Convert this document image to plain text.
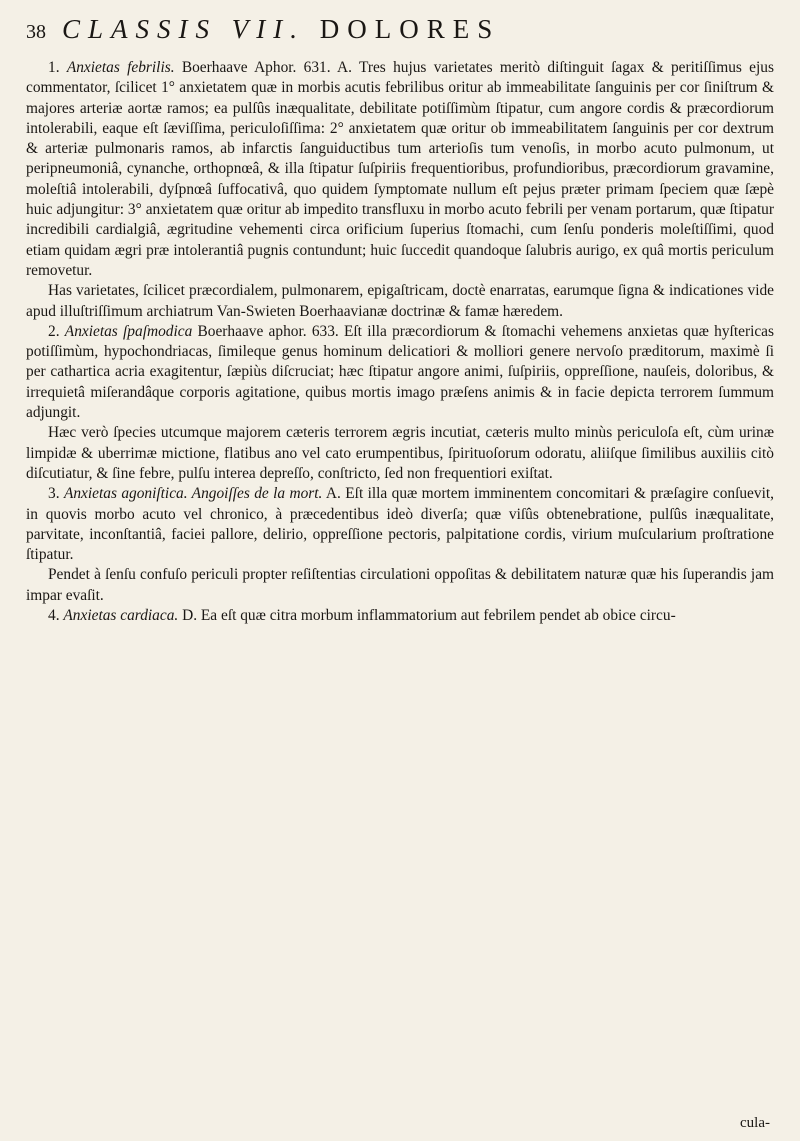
38 CLASSIS VII. DOLORES

1. Anxietas febrilis. Boerhaave Aphor. 631. A. Tres hujus varietates meritò diſtinguit ſagax & peritiſſimus ejus commentator, ſcilicet 1° anxietatem quæ in morbis acutis febrilibus oritur ab immeabilitate ſanguinis per cor ſiniſtrum & majores arteriæ aortæ ramos; ea pulſûs inæqualitate, debilitate potiſſimùm ſtipatur, cum angore cordis & præcordiorum intolerabili, eaque eſt ſæviſſima, periculoſiſſima: 2° anxietatem quæ oritur ob immeabilitatem ſanguinis per cor dextrum & arteriæ pulmonaris ramos, ab infarctis ſanguiductibus tum arterioſis tum venoſis, in morbo acuto pulmonum, ut peripneumoniâ, cynanche, orthopnœâ, & illa ſtipatur ſuſpiriis frequentioribus, profundioribus, præcordiorum gravamine, moleſtiâ intolerabili, dyſpnœâ ſuffocativâ, quo quidem ſymptomate nullum eſt pejus præter primam ſpeciem quæ ſæpè huic adjungitur: 3° anxietatem quæ oritur ab impedito transfluxu in morbo acuto febrili per venam portarum, quæ ſtipatur incredibili cardialgiâ, ægritudine vehementi circa orificium ſuperius ſtomachi, cum ſenſu ponderis moleſtiſſimi, quod etiam quidam ægri præ intolerantiâ pugnis contundunt; huic ſuccedit quandoque ſalubris aurigo, ex quâ mortis periculum removetur.

Has varietates, ſcilicet præcordialem, pulmonarem, epigaſtricam, doctè enarratas, earumque ſigna & indicationes vide apud illuſtriſſimum archiatrum Van-Swieten Boerhaavianæ doctrinæ & famæ hæredem.

2. Anxietas ſpaſmodica Boerhaave aphor. 633. Eſt illa præcordiorum & ſtomachi vehemens anxietas quæ hyſtericas potiſſimùm, hypochondriacas, ſimileque genus hominum delicatiori & molliori genere nervoſo præditorum, maximè ſi per cathartica acria exagitentur, ſæpiùs diſcruciat; hæc ſtipatur angore animi, ſuſpiriis, oppreſſione, nauſeis, doloribus, & irrequietâ miſerandâque corporis agitatione, quibus mortis imago præſens animis & in facie depicta terrorem ſummum adjungit.

Hæc verò ſpecies utcumque majorem cæteris terrorem ægris incutiat, cæteris multo minùs periculoſa eſt, cùm urinæ limpidæ & uberrimæ mictione, flatibus ano vel cato erumpentibus, ſpirituoſorum odoratu, aliiſque ſimilibus auxiliis citò diſcutiatur, & ſine febre, pulſu interea depreſſo, conſtricto, ſed non frequentiori exiſtat.

3. Anxietas agoniſtica. Angoiſſes de la mort. A. Eſt illa quæ mortem imminentem concomitari & præſagire conſuevit, in quovis morbo acuto vel chronico, à præcedentibus ideò diverſa; quæ viſûs obtenebratione, pulſûs inæqualitate, parvitate, inconſtantiâ, faciei pallore, delirio, oppreſſione pectoris, palpitatione cordis, virium muſcularium proſtratione ſtipatur.

Pendet à ſenſu confuſo periculi propter reſiſtentias circulationi oppoſitas & debilitatem naturæ quæ his ſuperandis jam impar evaſit.

4. Anxietas cardiaca. D. Ea eſt quæ citra morbum inflammatorium aut febrilem pendet ab obice circu-

cula-
